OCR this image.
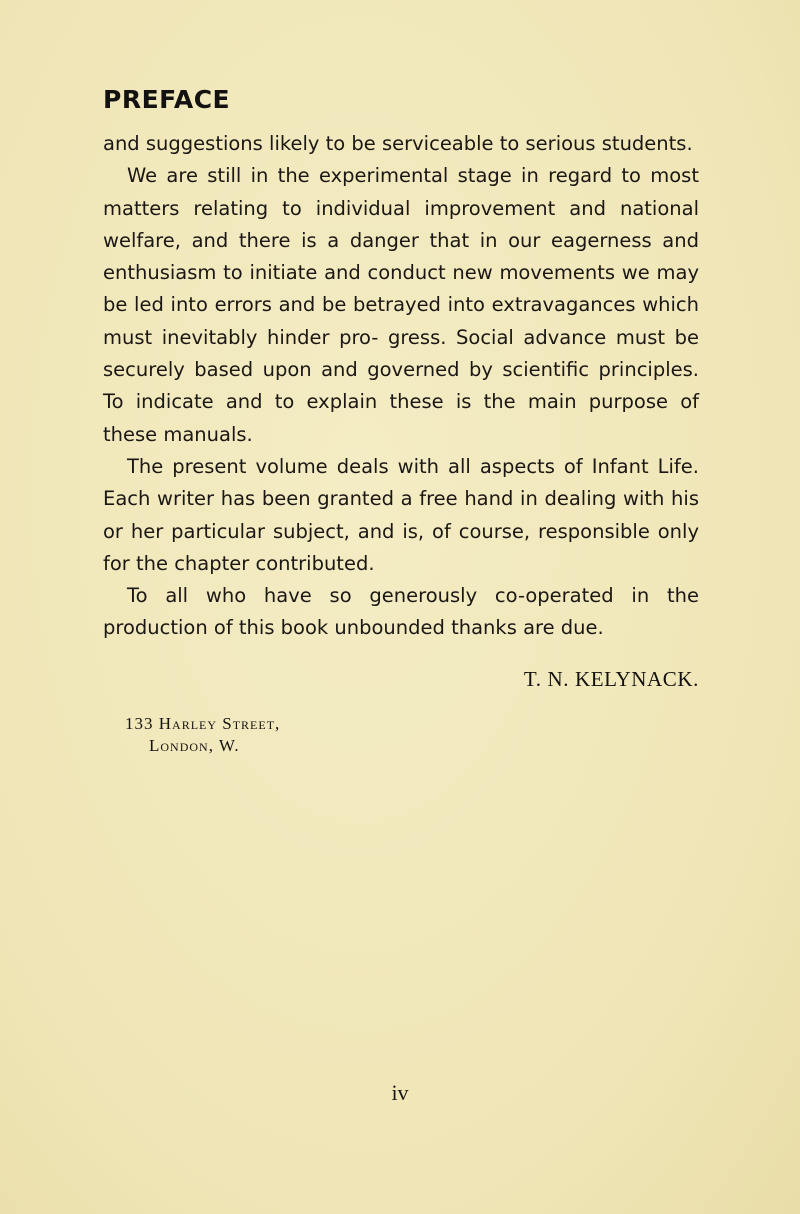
PREFACE

and suggestions likely to be serviceable to serious students.

We are still in the experimental stage in regard to most matters relating to individual improvement and national welfare, and there is a danger that in our eagerness and enthusiasm to initiate and conduct new movements we may be led into errors and be betrayed into extravagances which must inevitably hinder pro- gress. Social advance must be securely based upon and governed by scientific principles. To indicate and to explain these is the main purpose of these manuals.

The present volume deals with all aspects of Infant Life. Each writer has been granted a free hand in dealing with his or her particular subject, and is, of course, responsible only for the chapter contributed.

To all who have so generously co-operated in the production of this book unbounded thanks are due.

T. N. KELYNACK.

133 Harley Street,
London, W.
iv
